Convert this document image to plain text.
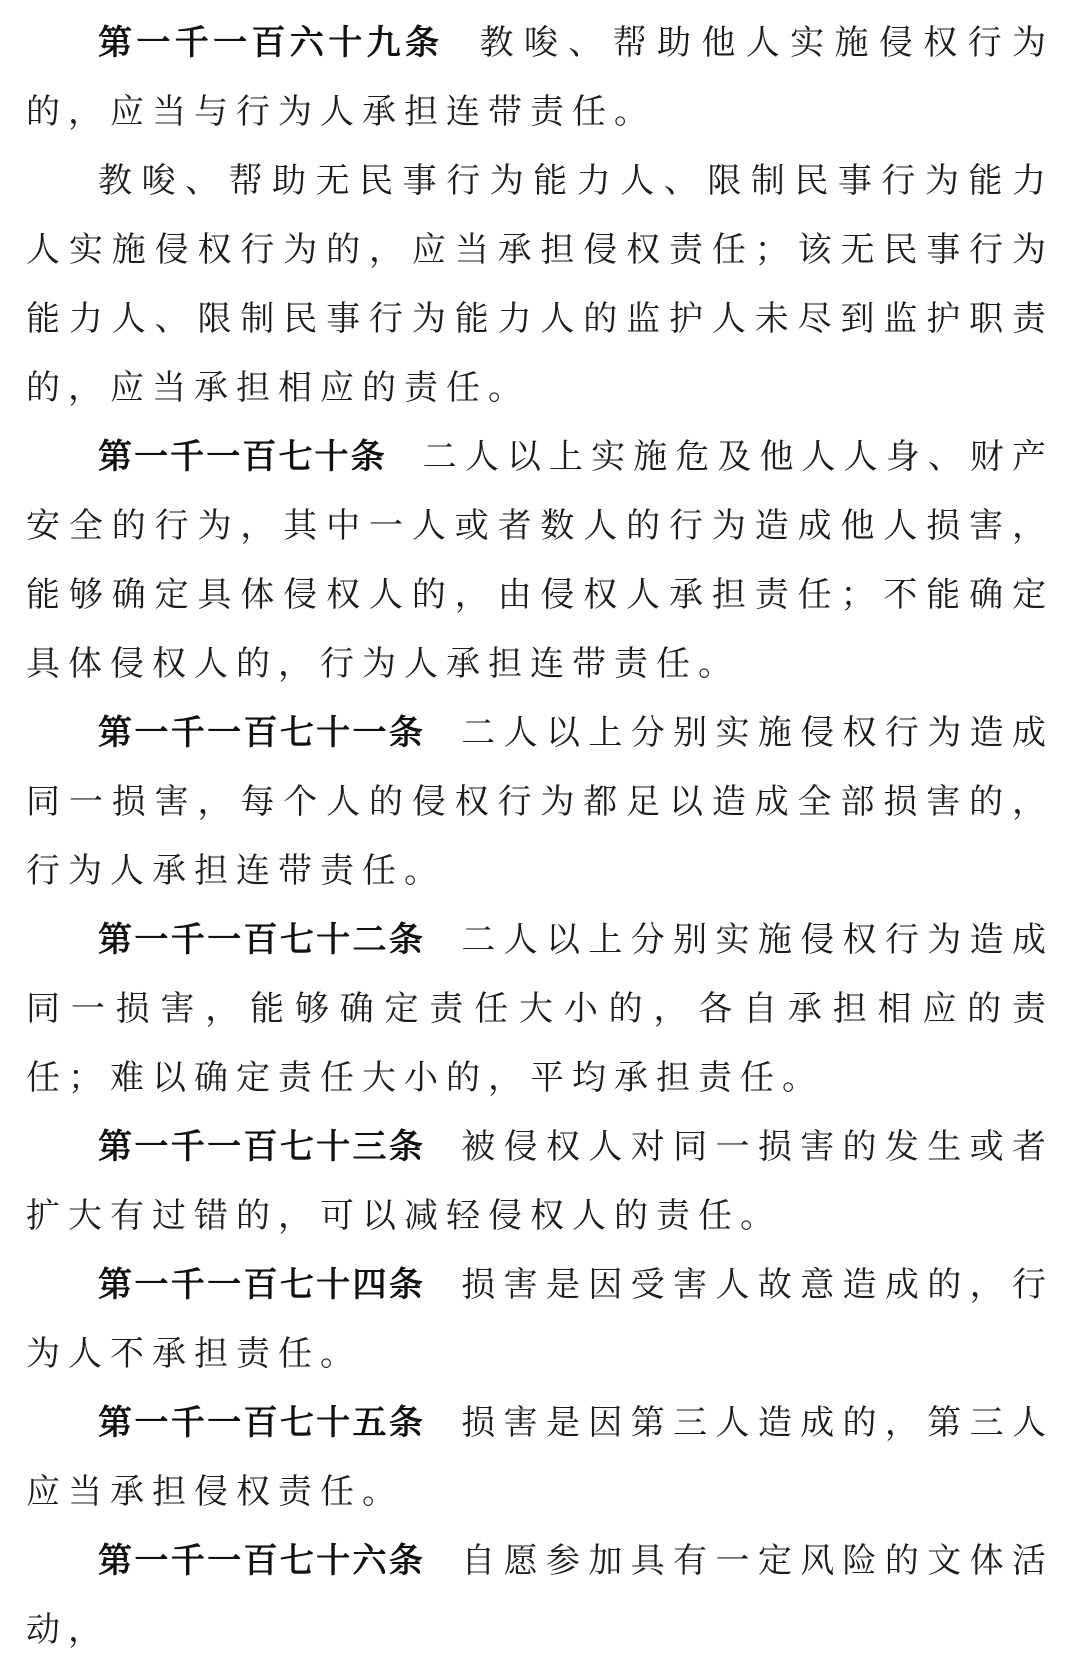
第一千一百六十九条 教唆、帮助他人实施侵权行为的，应当与行为人承担连带责任。

教唆、帮助无民事行为能力人、限制民事行为能力人实施侵权行为的，应当承担侵权责任；该无民事行为能力人、限制民事行为能力人的监护人未尽到监护职责的，应当承担相应的责任。

第一千一百七十条 二人以上实施危及他人人身、财产安全的行为，其中一人或者数人的行为造成他人损害，能够确定具体侵权人的，由侵权人承担责任；不能确定具体侵权人的，行为人承担连带责任。

第一千一百七十一条 二人以上分别实施侵权行为造成同一损害，每个人的侵权行为都足以造成全部损害的，行为人承担连带责任。

第一千一百七十二条 二人以上分别实施侵权行为造成同一损害，能够确定责任大小的，各自承担相应的责任；难以确定责任大小的，平均承担责任。

第一千一百七十三条 被侵权人对同一损害的发生或者扩大有过错的，可以减轻侵权人的责任。

第一千一百七十四条 损害是因受害人故意造成的，行为人不承担责任。

第一千一百七十五条 损害是因第三人造成的，第三人应当承担侵权责任。

第一千一百七十六条 自愿参加具有一定风险的文体活动，
